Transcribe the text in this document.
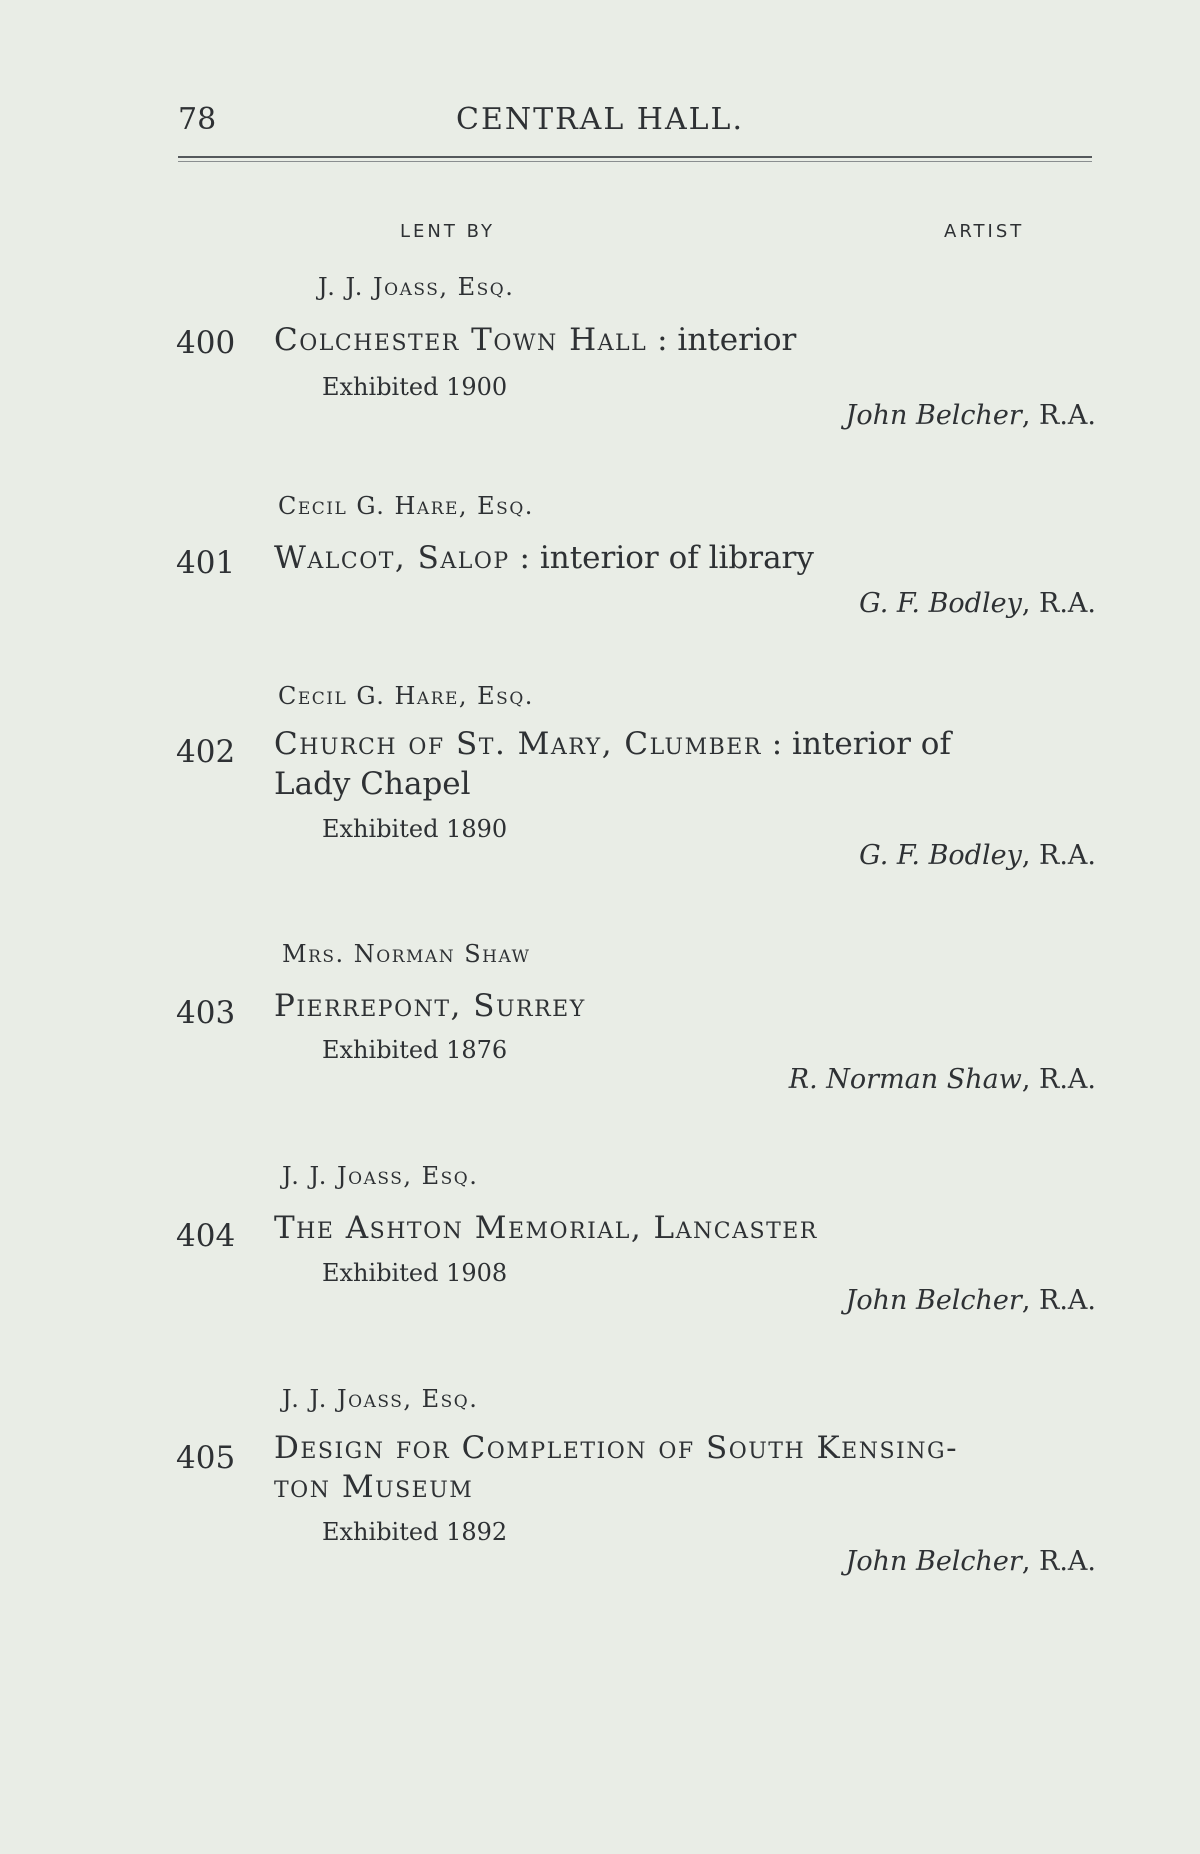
78	CENTRAL HALL.
LENT BY	ARTIST
J. J. Joass, Esq.
400 Colchester Town Hall : interior
Exhibited 1900
John Belcher, R.A.
Cecil G. Hare, Esq.
401 Walcot, Salop : interior of library
G. F. Bodley, R.A.
Cecil G. Hare, Esq.
402 Church of St. Mary, Clumber : interior of
Lady Chapel
Exhibited 1890
G. F. Bodley, R.A.
Mrs. Norman Shaw
403 Pierrepont, Surrey
Exhibited 1876
R. Norman Shaw, R.A.
J. J. Joass, Esq.
404 The Ashton Memorial, Lancaster
Exhibited 1908
John Belcher, R.A.
J. J. Joass, Esq.
405 Design for Completion of South Kensing-
ton Museum
Exhibited 1892
John Belcher, R.A.
